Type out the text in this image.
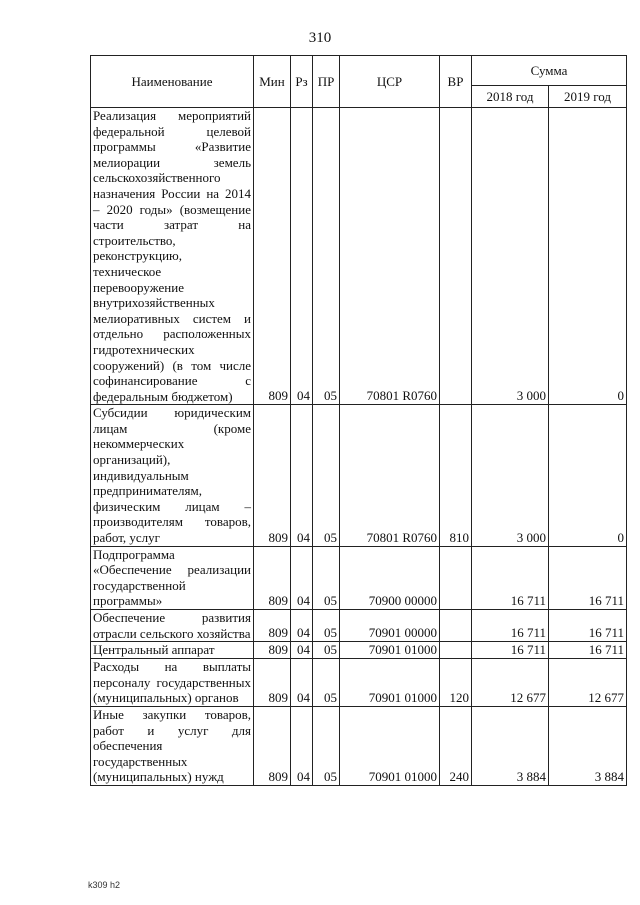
310
Наименование	Мин	Рз	ПР	ЦСР	ВР	Сумма	
						2018 год	2019 год
Реализация мероприятий федеральной целевой программы «Развитие мелиорации земель сельскохозяйственного назначения России на 2014 – 2020 годы» (возмещение части затрат на строительство, реконструкцию, техническое перевооружение внутрихозяйственных мелиоративных систем и отдельно расположенных гидротехнических сооружений) (в том числе софинансирование с федеральным бюджетом)	809	04	05	70801 R0760		3 000	0
Субсидии юридическим лицам (кроме некоммерческих организаций), индивидуальным предпринимателям, физическим лицам – производителям товаров, работ, услуг	809	04	05	70801 R0760	810	3 000	0
Подпрограмма «Обеспечение реализации государственной программы»	809	04	05	70900 00000		16 711	16 711
Обеспечение развития отрасли сельского хозяйства	809	04	05	70901 00000		16 711	16 711
Центральный аппарат	809	04	05	70901 01000		16 711	16 711
Расходы на выплаты персоналу государственных (муниципальных) органов	809	04	05	70901 01000	120	12 677	12 677
Иные закупки товаров, работ и услуг для обеспечения государственных (муниципальных) нужд	809	04	05	70901 01000	240	3 884	3 884
k309 h2
